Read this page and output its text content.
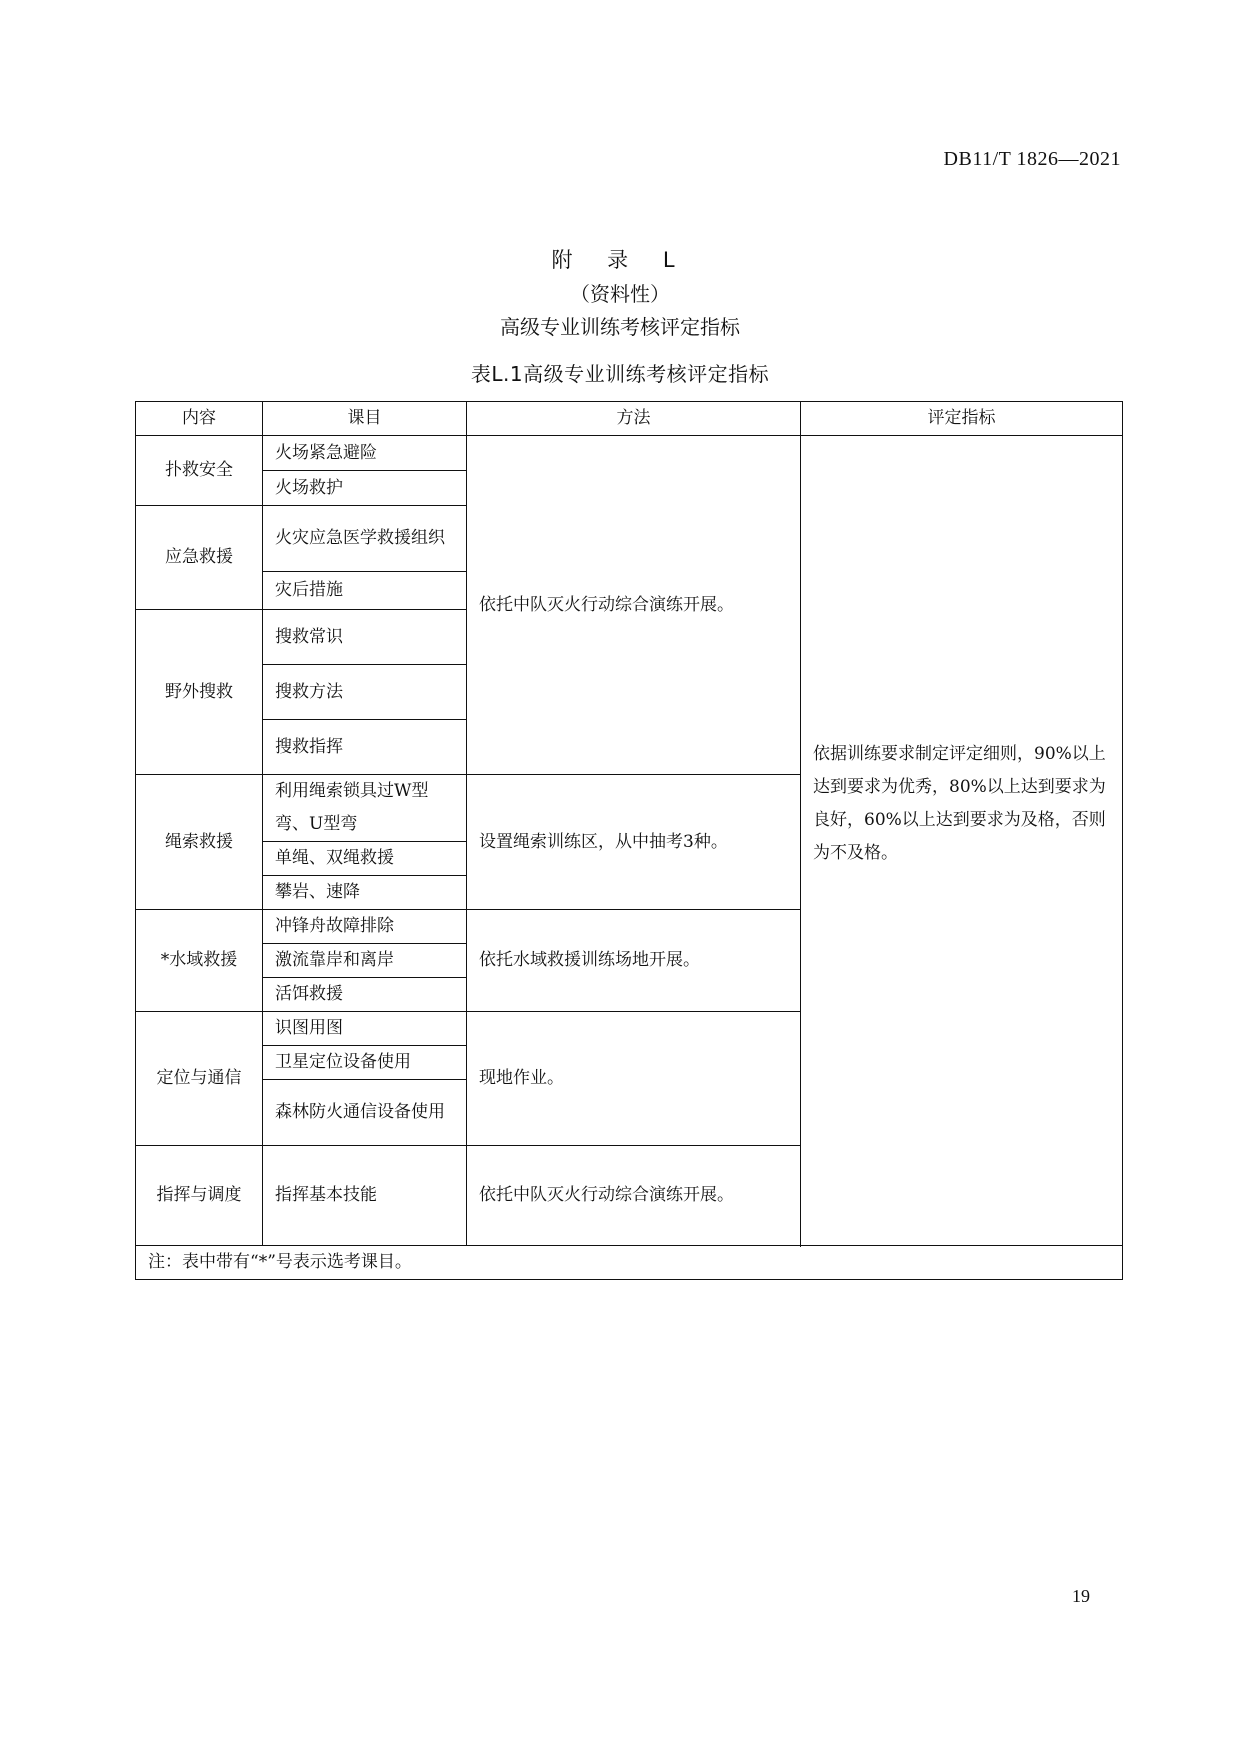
DB11/T 1826—2021
附 录 L
（资料性）
高级专业训练考核评定指标
表L.1高级专业训练考核评定指标
内容	课目	方法	评定指标
扑救安全	火场紧急避险	依托中队灭火行动综合演练开展。	依据训练要求制定评定细则，90%以上达到要求为优秀，80%以上达到要求为良好，60%以上达到要求为及格，否则为不及格。

	火场救护		
应急救援	火灾应急医学救援组织		
	灾后措施		
野外搜救	搜救常识		
	搜救方法		
	搜救指挥		
绳索救援	利用绳索锁具过W型弯、U型弯	设置绳索训练区，从中抽考3种。	
	单绳、双绳救援		
	攀岩、速降		
*水域救援	冲锋舟故障排除	依托水域救援训练场地开展。	
	激流靠岸和离岸		
	活饵救援		
定位与通信	识图用图	现地作业。	
	卫星定位设备使用		
	森林防火通信设备使用		
指挥与调度	指挥基本技能	依托中队灭火行动综合演练开展。	

注：表中带有“*”号表示选考课目。			
19
